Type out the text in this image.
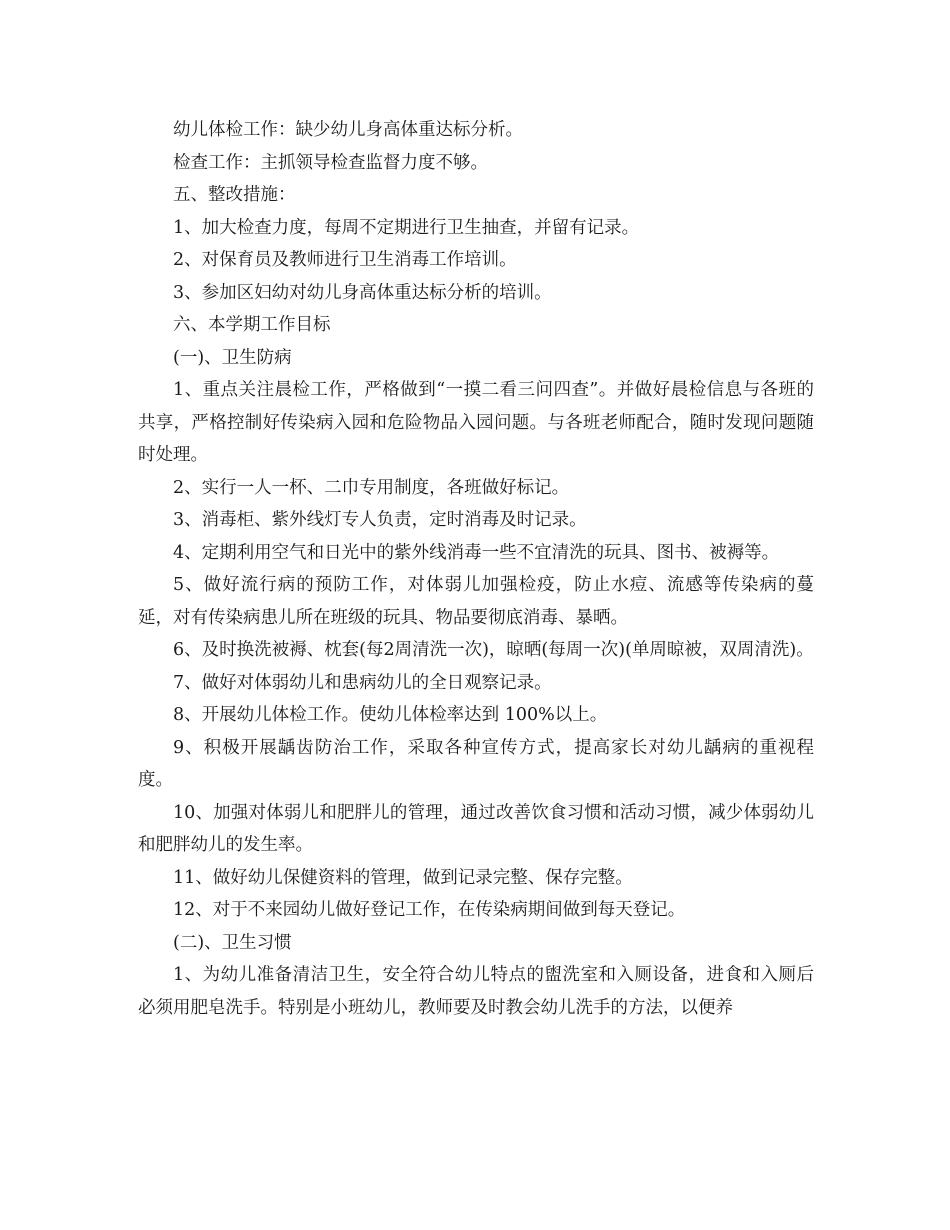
幼儿体检工作：缺少幼儿身高体重达标分析。

检查工作：主抓领导检查监督力度不够。

五、整改措施：

1、加大检查力度，每周不定期进行卫生抽查，并留有记录。

2、对保育员及教师进行卫生消毒工作培训。

3、参加区妇幼对幼儿身高体重达标分析的培训。

六、本学期工作目标

(一)、卫生防病

1、重点关注晨检工作，严格做到“一摸二看三问四查”。并做好晨检信息与各班的共享，严格控制好传染病入园和危险物品入园问题。与各班老师配合，随时发现问题随时处理。

2、实行一人一杯、二巾专用制度，各班做好标记。

3、消毒柜、紫外线灯专人负责，定时消毒及时记录。

4、定期利用空气和日光中的紫外线消毒一些不宜清洗的玩具、图书、被褥等。

5、做好流行病的预防工作，对体弱儿加强检疫，防止水痘、流感等传染病的蔓延，对有传染病患儿所在班级的玩具、物品要彻底消毒、暴晒。

6、及时换洗被褥、枕套(每2周清洗一次)，晾晒(每周一次)(单周晾被，双周清洗)。

7、做好对体弱幼儿和患病幼儿的全日观察记录。

8、开展幼儿体检工作。使幼儿体检率达到 100%以上。

9、积极开展龋齿防治工作，采取各种宣传方式，提高家长对幼儿龋病的重视程度。

10、加强对体弱儿和肥胖儿的管理，通过改善饮食习惯和活动习惯，减少体弱幼儿和肥胖幼儿的发生率。

11、做好幼儿保健资料的管理，做到记录完整、保存完整。

12、对于不来园幼儿做好登记工作，在传染病期间做到每天登记。

(二)、卫生习惯

1、为幼儿准备清洁卫生，安全符合幼儿特点的盥洗室和入厕设备，进食和入厕后必须用肥皂洗手。特别是小班幼儿，教师要及时教会幼儿洗手的方法，以便养
